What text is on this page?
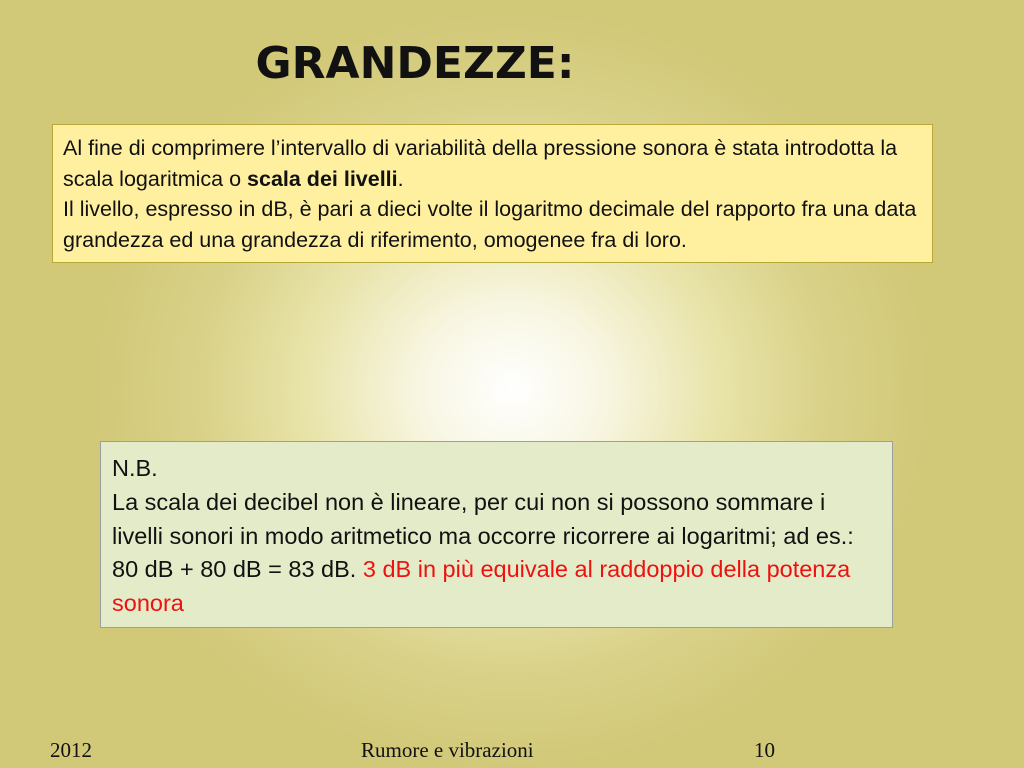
GRANDEZZE:
Al fine di comprimere l’intervallo di variabilità della pressione sonora è stata introdotta la scala logaritmica o scala dei livelli.
Il livello, espresso in dB, è pari a dieci volte il logaritmo decimale del rapporto fra una data grandezza ed una grandezza di riferimento, omogenee fra di loro.
N.B.
La scala dei decibel non è lineare, per cui non si possono sommare i livelli sonori in modo aritmetico ma occorre ricorrere ai logaritmi; ad es.:
80 dB + 80 dB = 83 dB. 3 dB in più equivale al raddoppio della potenza sonora
2012	Rumore e vibrazioni	10
